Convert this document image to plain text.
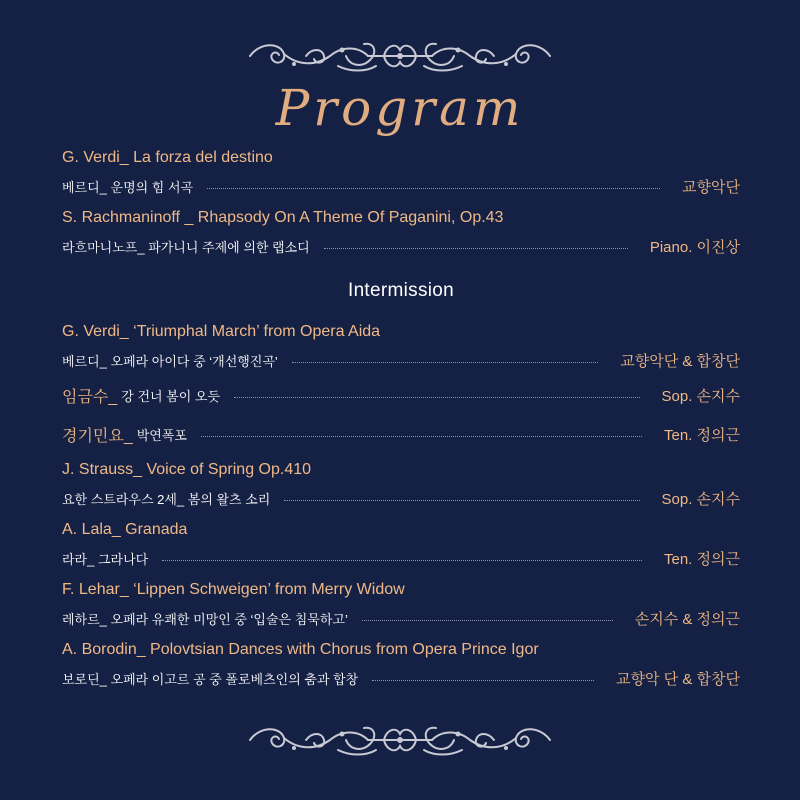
Program
G. Verdi_ La forza del destino
베르디_ 운명의 힘 서곡	교향악단
S. Rachmaninoff _ Rhapsody On A Theme Of Paganini, Op.43
라흐마니노프_ 파가니니 주제에 의한 랩소디	Piano. 이진상
Intermission
G. Verdi_ ‘Triumphal March’ from Opera Aida
베르디_ 오페라 아이다 중 ‘개선행진곡’	교향악단 & 합창단
임금수_ 강 건너 봄이 오듯	Sop. 손지수
경기민요_ 박연폭포	Ten. 정의근
J. Strauss_ Voice of Spring Op.410
요한 스트라우스 2세_ 봄의 왈츠 소리	Sop. 손지수
A. Lala_ Granada
라라_ 그라나다	Ten. 정의근
F. Lehar_ ‘Lippen Schweigen’ from Merry Widow
레하르_ 오페라 유쾌한 미망인 중 ‘입술은 침묵하고’	손지수 & 정의근
A. Borodin_ Polovtsian Dances with Chorus from Opera Prince Igor
보로딘_ 오페라 이고르 공 중 폴로베츠인의 춤과 합창	교향악 단 & 합창단
